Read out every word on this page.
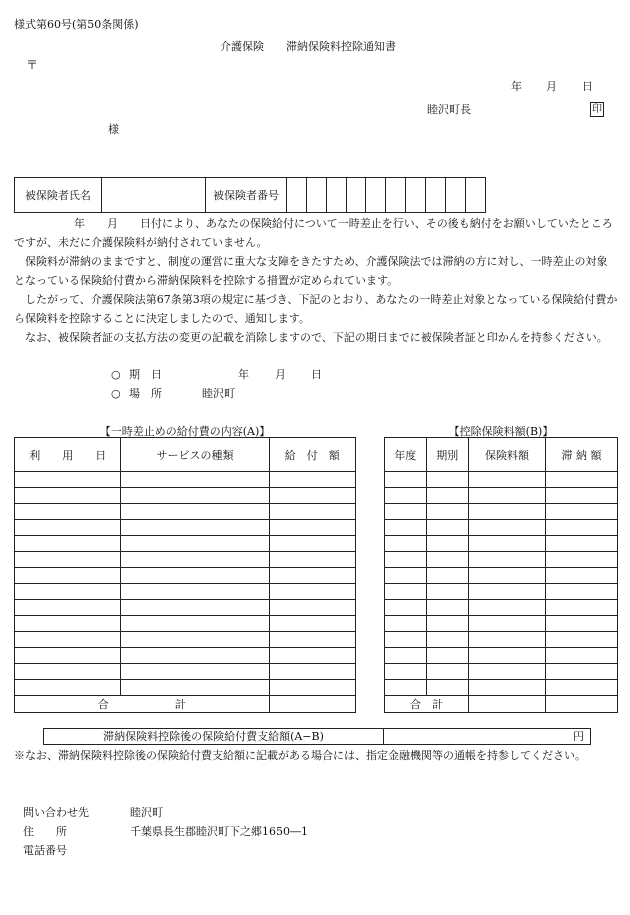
様式第60号(第50条関係)
介護保険　　滞納保険料控除通知書
〒
年 月 日
睦沢町長	印
様
被保険者氏名		被保険者番号										
年　　月　　日付により、あなたの保険給付について一時差止を行い、その後も納付をお願いしていたところですが、未だに介護保険料が納付されていません。
保険料が滞納のままですと、制度の運営に重大な支障をきたすため、介護保険法では滞納の方に対し、一時差止の対象となっている保険給付費から滞納保険料を控除する措置が定められています。
したがって、介護保険法第67条第3項の規定に基づき、下記のとおり、あなたの一時差止対象となっている保険給付費から保険料を控除することに決定しましたので、通知します。
なお、被保険者証の支払方法の変更の記載を消除しますので、下記の期日までに被保険者証と印かんを持参ください。
○ 期　日	年 月 日
○ 場　所	睦沢町
【一時差止めの給付費の内容(A)】
利　　用　　日	サービスの種類	給　付　額

合　　　　　　計		
【控除保険料額(B)】
年度	期別	保険料額	滞 納 額

合　計			
滞納保険料控除後の保険給付費支給額(A−B)	円
※なお、滞納保険料控除後の保険給付費支給額に記載がある場合には、指定金融機関等の通帳を持参してください。
問い合わせ先	睦沢町
住　　所	千葉県長生郡睦沢町下之郷1650―1
電話番号
